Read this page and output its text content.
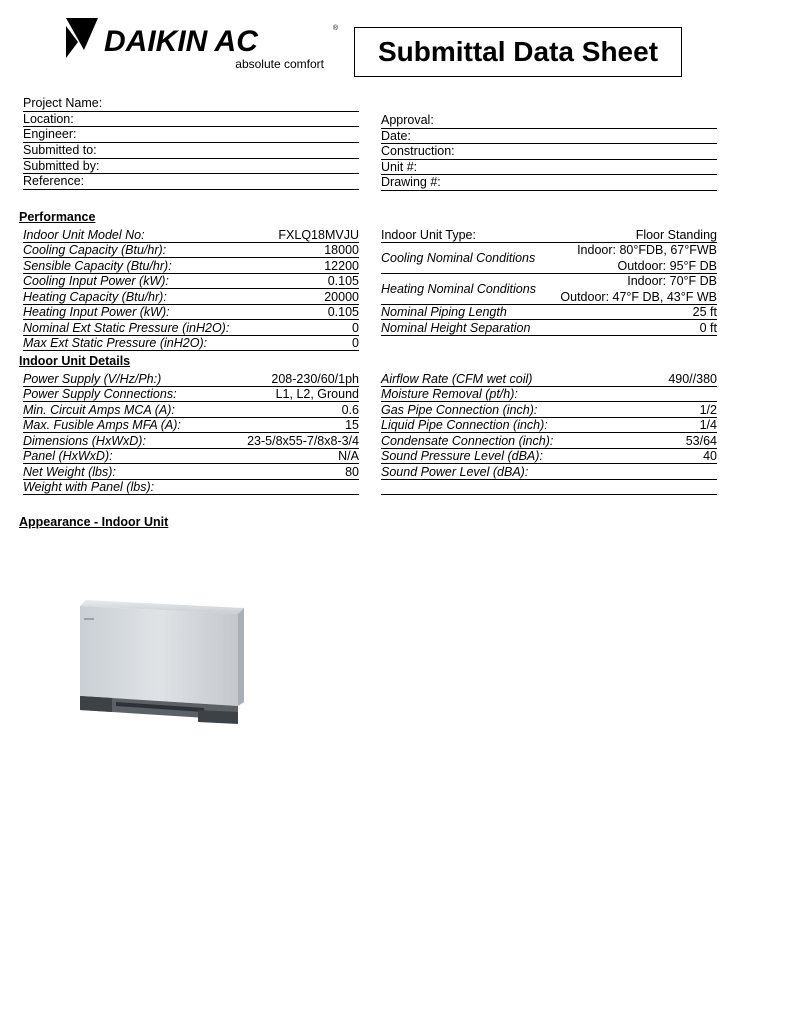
DAIKIN AC	®
absolute comfort Submittal Data Sheet
Project Name:
Location:
Engineer:
Submitted to:
Submitted by:
Reference:
Approval:
Date:
Construction:
Unit #:
Drawing #:
Performance
Indoor Unit Model No:	FXLQ18MVJU
Cooling Capacity (Btu/hr):	18000
Sensible Capacity (Btu/hr):	12200
Cooling Input Power (kW):	0.105
Heating Capacity (Btu/hr):	20000
Heating Input Power (kW):	0.105
Nominal Ext Static Pressure (inH2O):	0
Max Ext Static Pressure (inH2O):	0
Indoor Unit Type:	Floor Standing
Cooling Nominal Conditions
Indoor: 80°FDB, 67°FWB
Outdoor: 95°F DB
Heating Nominal Conditions
Indoor: 70°F DB
Outdoor: 47°F DB, 43°F WB
Nominal Piping Length	25 ft
Nominal Height Separation	0 ft
Indoor Unit Details
Power Supply (V/Hz/Ph:)	208-230/60/1ph
Power Supply Connections:	L1, L2, Ground
Min. Circuit Amps MCA (A):	0.6
Max. Fusible Amps MFA (A):	15
Dimensions (HxWxD):	23-5/8x55-7/8x8-3/4
Panel (HxWxD):	N/A
Net Weight (lbs):	80
Weight with Panel (lbs):
Airflow Rate (CFM wet coil)	490//380
Moisture Removal (pt/h):
Gas Pipe Connection (inch):	1/2
Liquid Pipe Connection (inch):	1/4
Condensate Connection (inch):	53/64
Sound Pressure Level (dBA):	40
Sound Power Level (dBA):
Appearance - Indoor Unit
